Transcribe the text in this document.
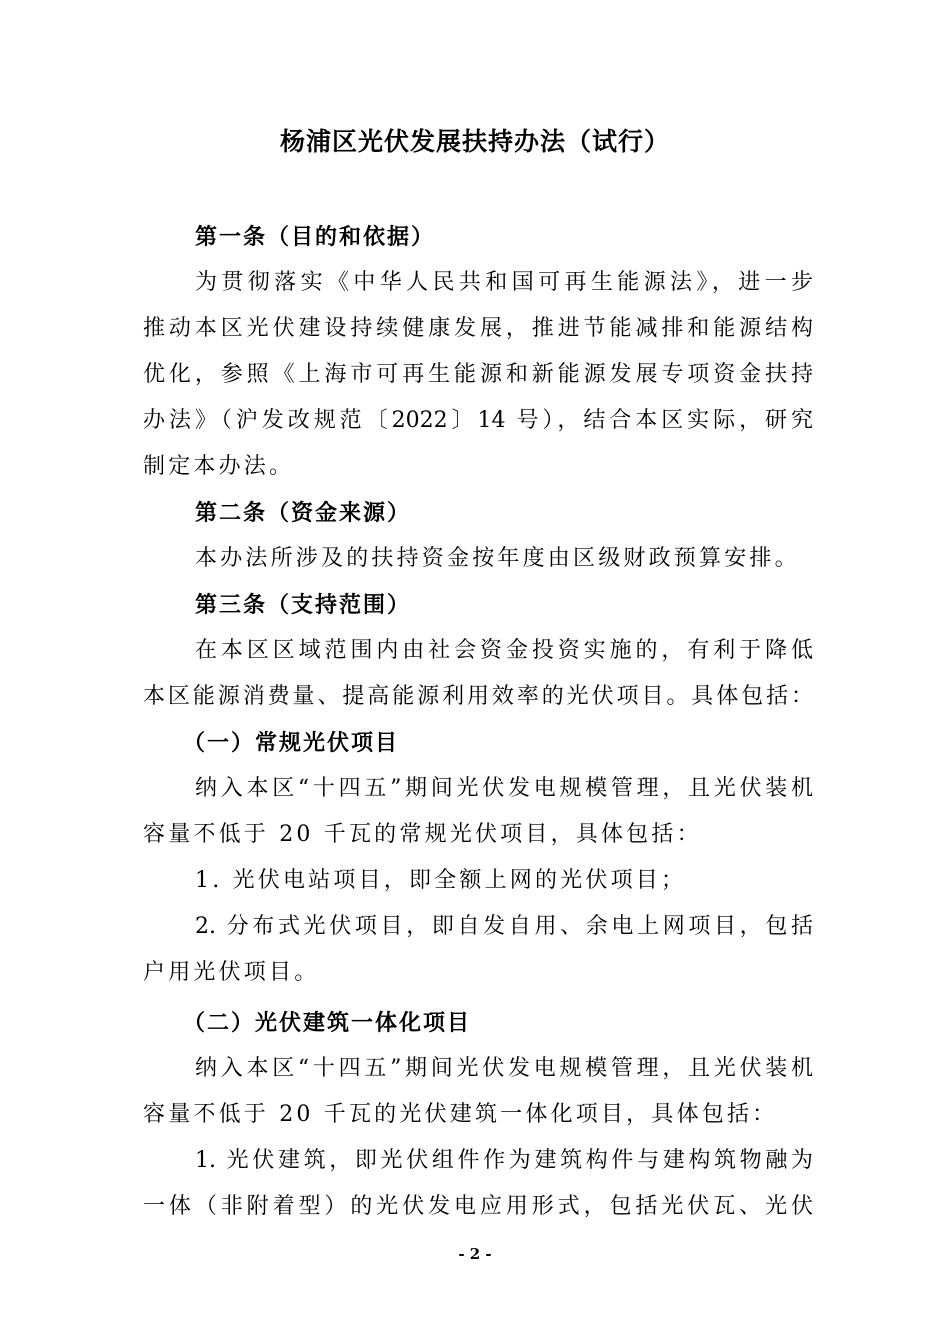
杨浦区光伏发展扶持办法（试行）
第一条（目的和依据）
为贯彻落实《中华人民共和国可再生能源法》，进一步
推动本区光伏建设持续健康发展，推进节能减排和能源结构
优化，参照《上海市可再生能源和新能源发展专项资金扶持
办法》（沪发改规范〔2022〕14 号），结合本区实际，研究
制定本办法。
第二条（资金来源）
本办法所涉及的扶持资金按年度由区级财政预算安排。
第三条（支持范围）
在本区区域范围内由社会资金投资实施的，有利于降低
本区能源消费量、提高能源利用效率的光伏项目。具体包括：
（一）常规光伏项目
纳入本区“十四五”期间光伏发电规模管理，且光伏装机
容量不低于 20 千瓦的常规光伏项目，具体包括：
1. 光伏电站项目，即全额上网的光伏项目；
2. 分布式光伏项目，即自发自用、余电上网项目，包括
户用光伏项目。
（二）光伏建筑一体化项目
纳入本区“十四五”期间光伏发电规模管理，且光伏装机
容量不低于 20 千瓦的光伏建筑一体化项目，具体包括：
1. 光伏建筑，即光伏组件作为建筑构件与建构筑物融为
一体（非附着型）的光伏发电应用形式，包括光伏瓦、光伏
- 2 -
